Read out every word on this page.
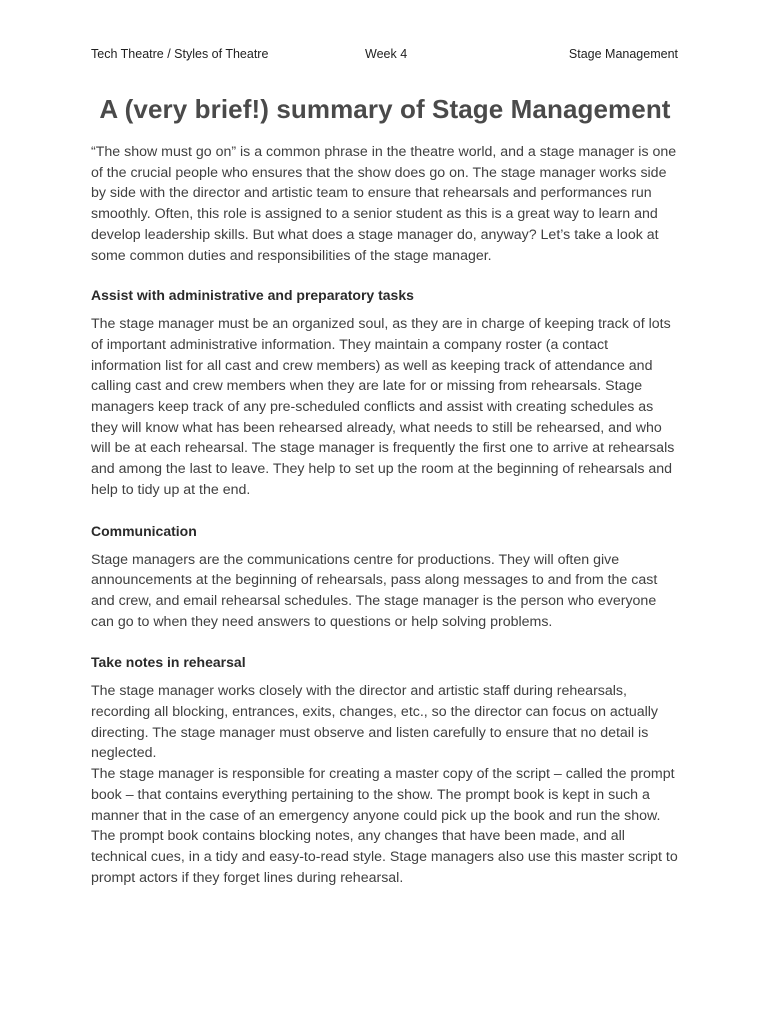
Tech Theatre / Styles of Theatre	Week 4	Stage Management
A (very brief!) summary of Stage Management

“The show must go on” is a common phrase in the theatre world, and a stage manager is one of the crucial people who ensures that the show does go on. The stage manager works side by side with the director and artistic team to ensure that rehearsals and performances run smoothly. Often, this role is assigned to a senior student as this is a great way to learn and develop leadership skills. But what does a stage manager do, anyway? Let’s take a look at some common duties and responsibilities of the stage manager.

Assist with administrative and preparatory tasks

The stage manager must be an organized soul, as they are in charge of keeping track of lots of important administrative information. They maintain a company roster (a contact information list for all cast and crew members) as well as keeping track of attendance and calling cast and crew members when they are late for or missing from rehearsals. Stage managers keep track of any pre-scheduled conflicts and assist with creating schedules as they will know what has been rehearsed already, what needs to still be rehearsed, and who will be at each rehearsal. The stage manager is frequently the first one to arrive at rehearsals and among the last to leave. They help to set up the room at the beginning of rehearsals and help to tidy up at the end.

Communication

Stage managers are the communications centre for productions. They will often give announcements at the beginning of rehearsals, pass along messages to and from the cast and crew, and email rehearsal schedules. The stage manager is the person who everyone can go to when they need answers to questions or help solving problems.

Take notes in rehearsal

The stage manager works closely with the director and artistic staff during rehearsals, recording all blocking, entrances, exits, changes, etc., so the director can focus on actually directing. The stage manager must observe and listen carefully to ensure that no detail is neglected.

The stage manager is responsible for creating a master copy of the script – called the prompt book – that contains everything pertaining to the show. The prompt book is kept in such a manner that in the case of an emergency anyone could pick up the book and run the show. The prompt book contains blocking notes, any changes that have been made, and all technical cues, in a tidy and easy-to-read style. Stage managers also use this master script to prompt actors if they forget lines during rehearsal.
